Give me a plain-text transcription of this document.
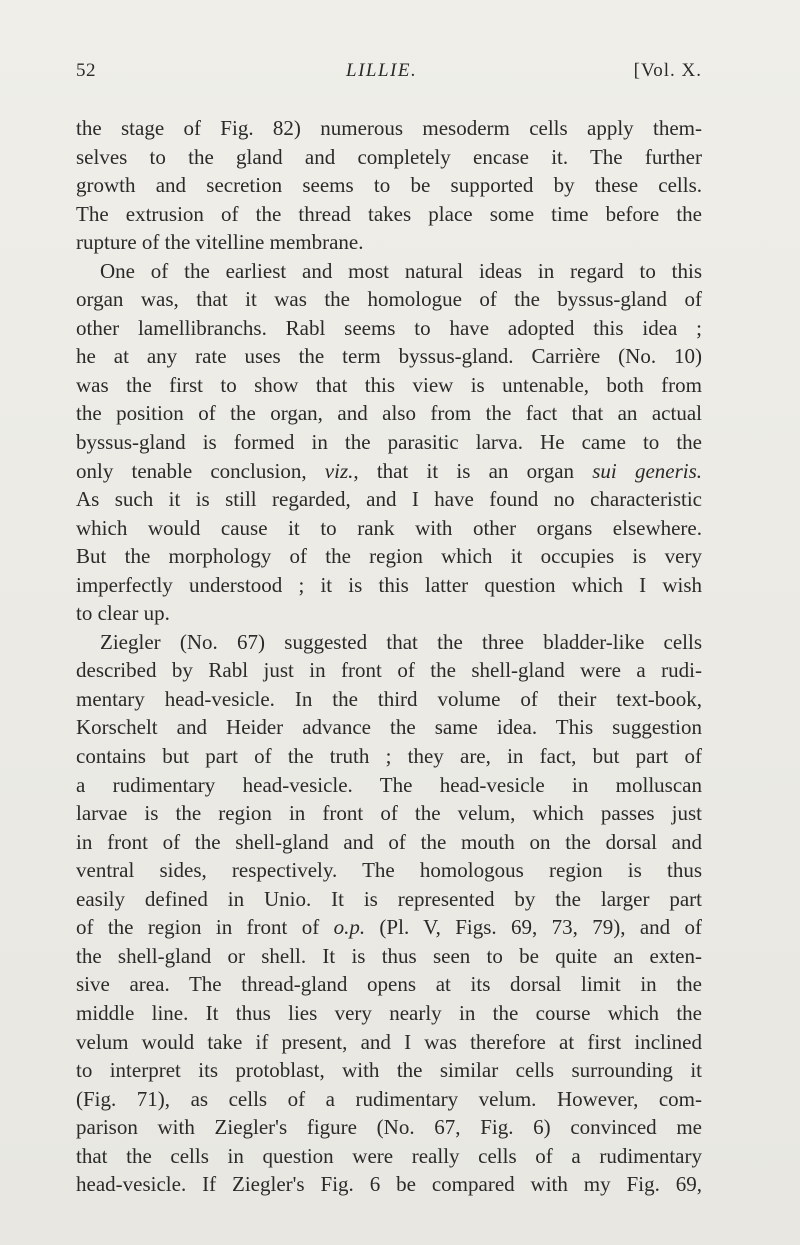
52	LILLIE.	[Vol. X.

the stage of Fig. 82) numerous mesoderm cells apply them-
selves to the gland and completely encase it. The further
growth and secretion seems to be supported by these cells.
The extrusion of the thread takes place some time before the
rupture of the vitelline membrane.

One of the earliest and most natural ideas in regard to this
organ was, that it was the homologue of the byssus-gland of
other lamellibranchs. Rabl seems to have adopted this idea ;
he at any rate uses the term byssus-gland. Carrière (No. 10)
was the first to show that this view is untenable, both from
the position of the organ, and also from the fact that an actual
byssus-gland is formed in the parasitic larva. He came to the
only tenable conclusion, viz., that it is an organ sui generis.
As such it is still regarded, and I have found no characteristic
which would cause it to rank with other organs elsewhere.
But the morphology of the region which it occupies is very
imperfectly understood ; it is this latter question which I wish
to clear up.

Ziegler (No. 67) suggested that the three bladder-like cells
described by Rabl just in front of the shell-gland were a rudi-
mentary head-vesicle. In the third volume of their text-book,
Korschelt and Heider advance the same idea. This suggestion
contains but part of the truth ; they are, in fact, but part of
a rudimentary head-vesicle. The head-vesicle in molluscan
larvae is the region in front of the velum, which passes just
in front of the shell-gland and of the mouth on the dorsal and
ventral sides, respectively. The homologous region is thus
easily defined in Unio. It is represented by the larger part
of the region in front of o.p. (Pl. V, Figs. 69, 73, 79), and of
the shell-gland or shell. It is thus seen to be quite an exten-
sive area. The thread-gland opens at its dorsal limit in the
middle line. It thus lies very nearly in the course which the
velum would take if present, and I was therefore at first inclined
to interpret its protoblast, with the similar cells surrounding it
(Fig. 71), as cells of a rudimentary velum. However, com-
parison with Ziegler's figure (No. 67, Fig. 6) convinced me
that the cells in question were really cells of a rudimentary
head-vesicle. If Ziegler's Fig. 6 be compared with my Fig. 69,
